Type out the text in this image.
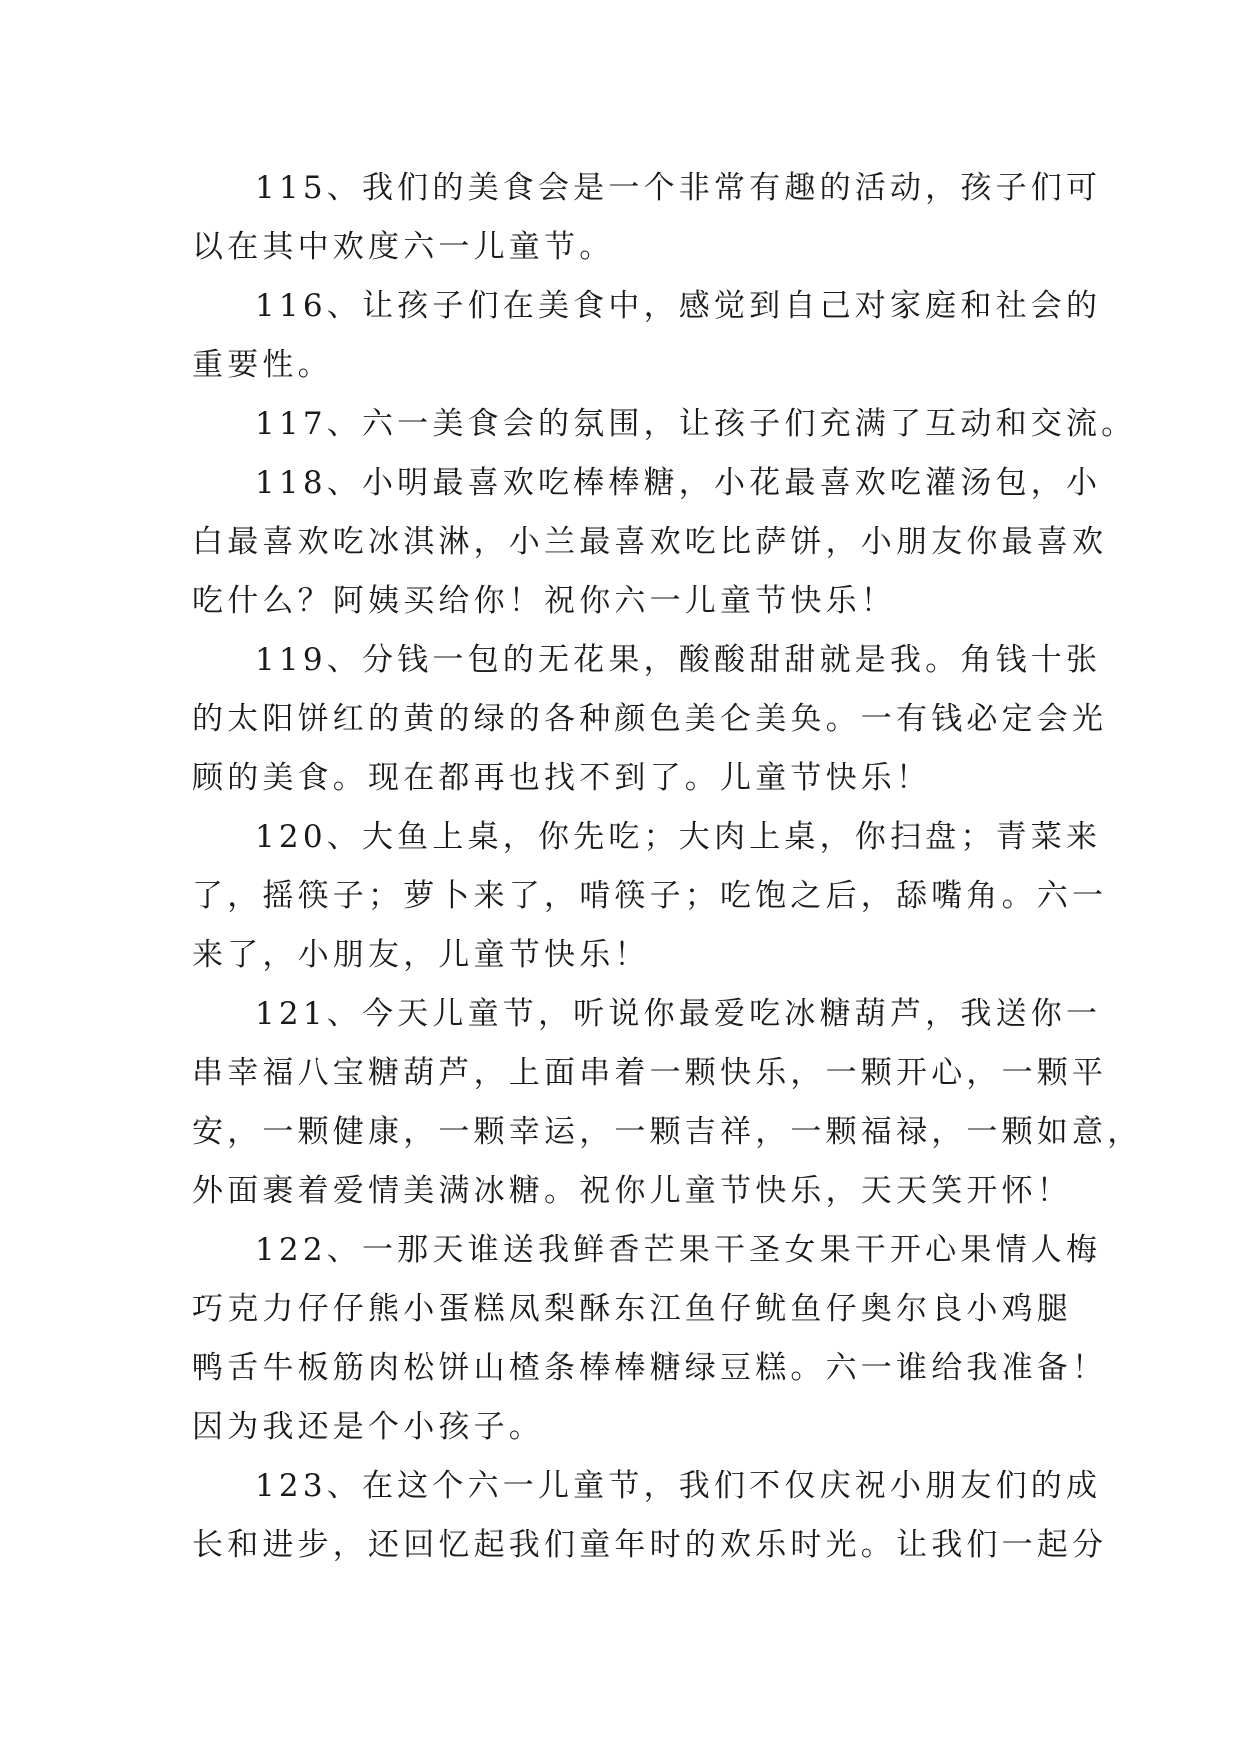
115、我们的美食会是一个非常有趣的活动，孩子们可
以在其中欢度六一儿童节。
116、让孩子们在美食中，感觉到自己对家庭和社会的
重要性。
117、六一美食会的氛围，让孩子们充满了互动和交流。
118、小明最喜欢吃棒棒糖，小花最喜欢吃灌汤包，小
白最喜欢吃冰淇淋，小兰最喜欢吃比萨饼，小朋友你最喜欢
吃什么？阿姨买给你！祝你六一儿童节快乐！
119、分钱一包的无花果，酸酸甜甜就是我。角钱十张
的太阳饼红的黄的绿的各种颜色美仑美奂。一有钱必定会光
顾的美食。现在都再也找不到了。儿童节快乐！
120、大鱼上桌，你先吃；大肉上桌，你扫盘；青菜来
了，摇筷子；萝卜来了，啃筷子；吃饱之后，舔嘴角。六一
来了，小朋友，儿童节快乐！
121、今天儿童节，听说你最爱吃冰糖葫芦，我送你一
串幸福八宝糖葫芦，上面串着一颗快乐，一颗开心，一颗平
安，一颗健康，一颗幸运，一颗吉祥，一颗福禄，一颗如意，
外面裹着爱情美满冰糖。祝你儿童节快乐，天天笑开怀！
122、一那天谁送我鲜香芒果干圣女果干开心果情人梅
巧克力仔仔熊小蛋糕凤梨酥东江鱼仔鱿鱼仔奥尔良小鸡腿
鸭舌牛板筋肉松饼山楂条棒棒糖绿豆糕。六一谁给我准备！
因为我还是个小孩子。
123、在这个六一儿童节，我们不仅庆祝小朋友们的成
长和进步，还回忆起我们童年时的欢乐时光。让我们一起分
